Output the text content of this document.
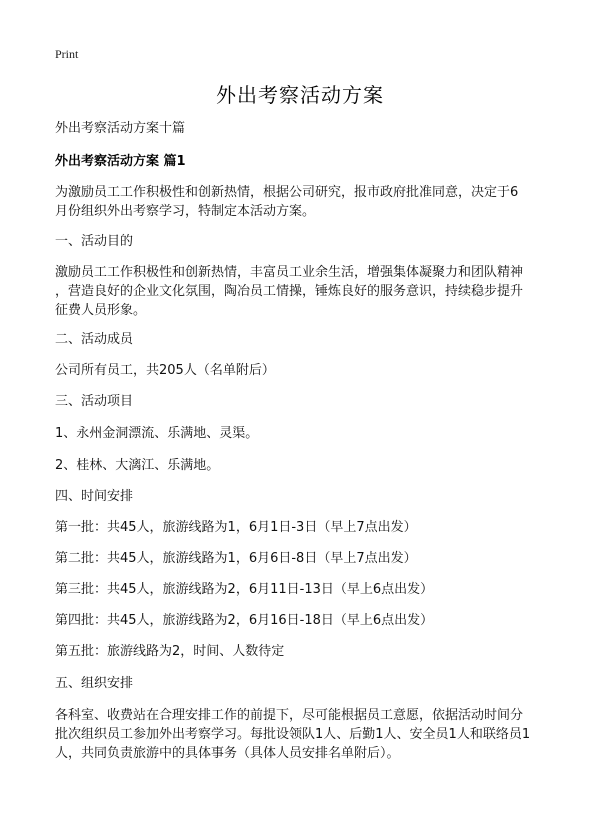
Print
外出考察活动方案
外出考察活动方案十篇
外出考察活动方案 篇1
为激励员工工作积极性和创新热情，根据公司研究，报市政府批准同意，决定于6
月份组织外出考察学习，特制定本活动方案。
一、活动目的
激励员工工作积极性和创新热情，丰富员工业余生活，增强集体凝聚力和团队精神
，营造良好的企业文化氛围，陶冶员工情操，锤炼良好的服务意识，持续稳步提升
征费人员形象。
二、活动成员
公司所有员工，共205人（名单附后）
三、活动项目
1、永州金洞漂流、乐满地、灵渠。
2、桂林、大漓江、乐满地。
四、时间安排
第一批：共45人，旅游线路为1，6月1日-3日（早上7点出发）
第二批：共45人，旅游线路为1，6月6日-8日（早上7点出发）
第三批：共45人，旅游线路为2，6月11日-13日（早上6点出发）
第四批：共45人，旅游线路为2，6月16日-18日（早上6点出发）
第五批：旅游线路为2，时间、人数待定
五、组织安排
各科室、收费站在合理安排工作的前提下，尽可能根据员工意愿，依据活动时间分
批次组织员工参加外出考察学习。每批设领队1人、后勤1人、安全员1人和联络员1
人，共同负责旅游中的具体事务（具体人员安排名单附后）。
